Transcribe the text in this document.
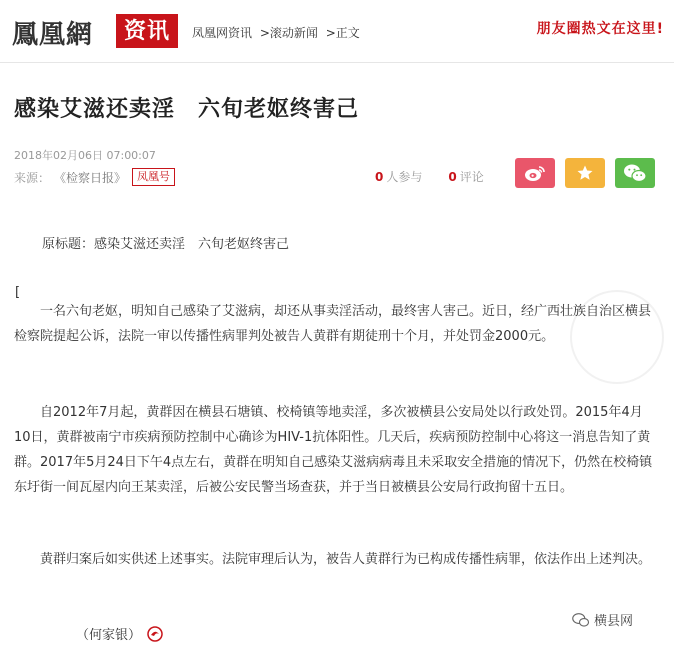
鳳凰網	资讯	凤凰网资讯 >滚动新闻 >正文	朋友圈热文在这里!
感染艾滋还卖淫　六旬老妪终害己
2018年02月06日 07:00:07
来源： 《检察日报》	凤凰号	0 人参与 0 评论
原标题：感染艾滋还卖淫　六旬老妪终害己
[
　　一名六旬老妪，明知自己感染了艾滋病，却还从事卖淫活动，最终害人害己。近日，经广西壮族自治区横县检察院提起公诉，法院一审以传播性病罪判处被告人黄群有期徒刑十个月，并处罚金2000元。
　　自2012年7月起，黄群因在横县石塘镇、校椅镇等地卖淫，多次被横县公安局处以行政处罚。2015年4月10日，黄群被南宁市疾病预防控制中心确诊为HIV-1抗体阳性。几天后，疾病预防控制中心将这一消息告知了黄群。2017年5月24日下午4点左右，黄群在明知自己感染艾滋病病毒且未采取安全措施的情况下，仍然在校椅镇东圩街一间瓦屋内向王某卖淫，后被公安民警当场查获，并于当日被横县公安局行政拘留十五日。
　　黄群归案后如实供述上述事实。法院审理后认为，被告人黄群行为已构成传播性病罪，依法作出上述判决。
（何家银）
横县网
